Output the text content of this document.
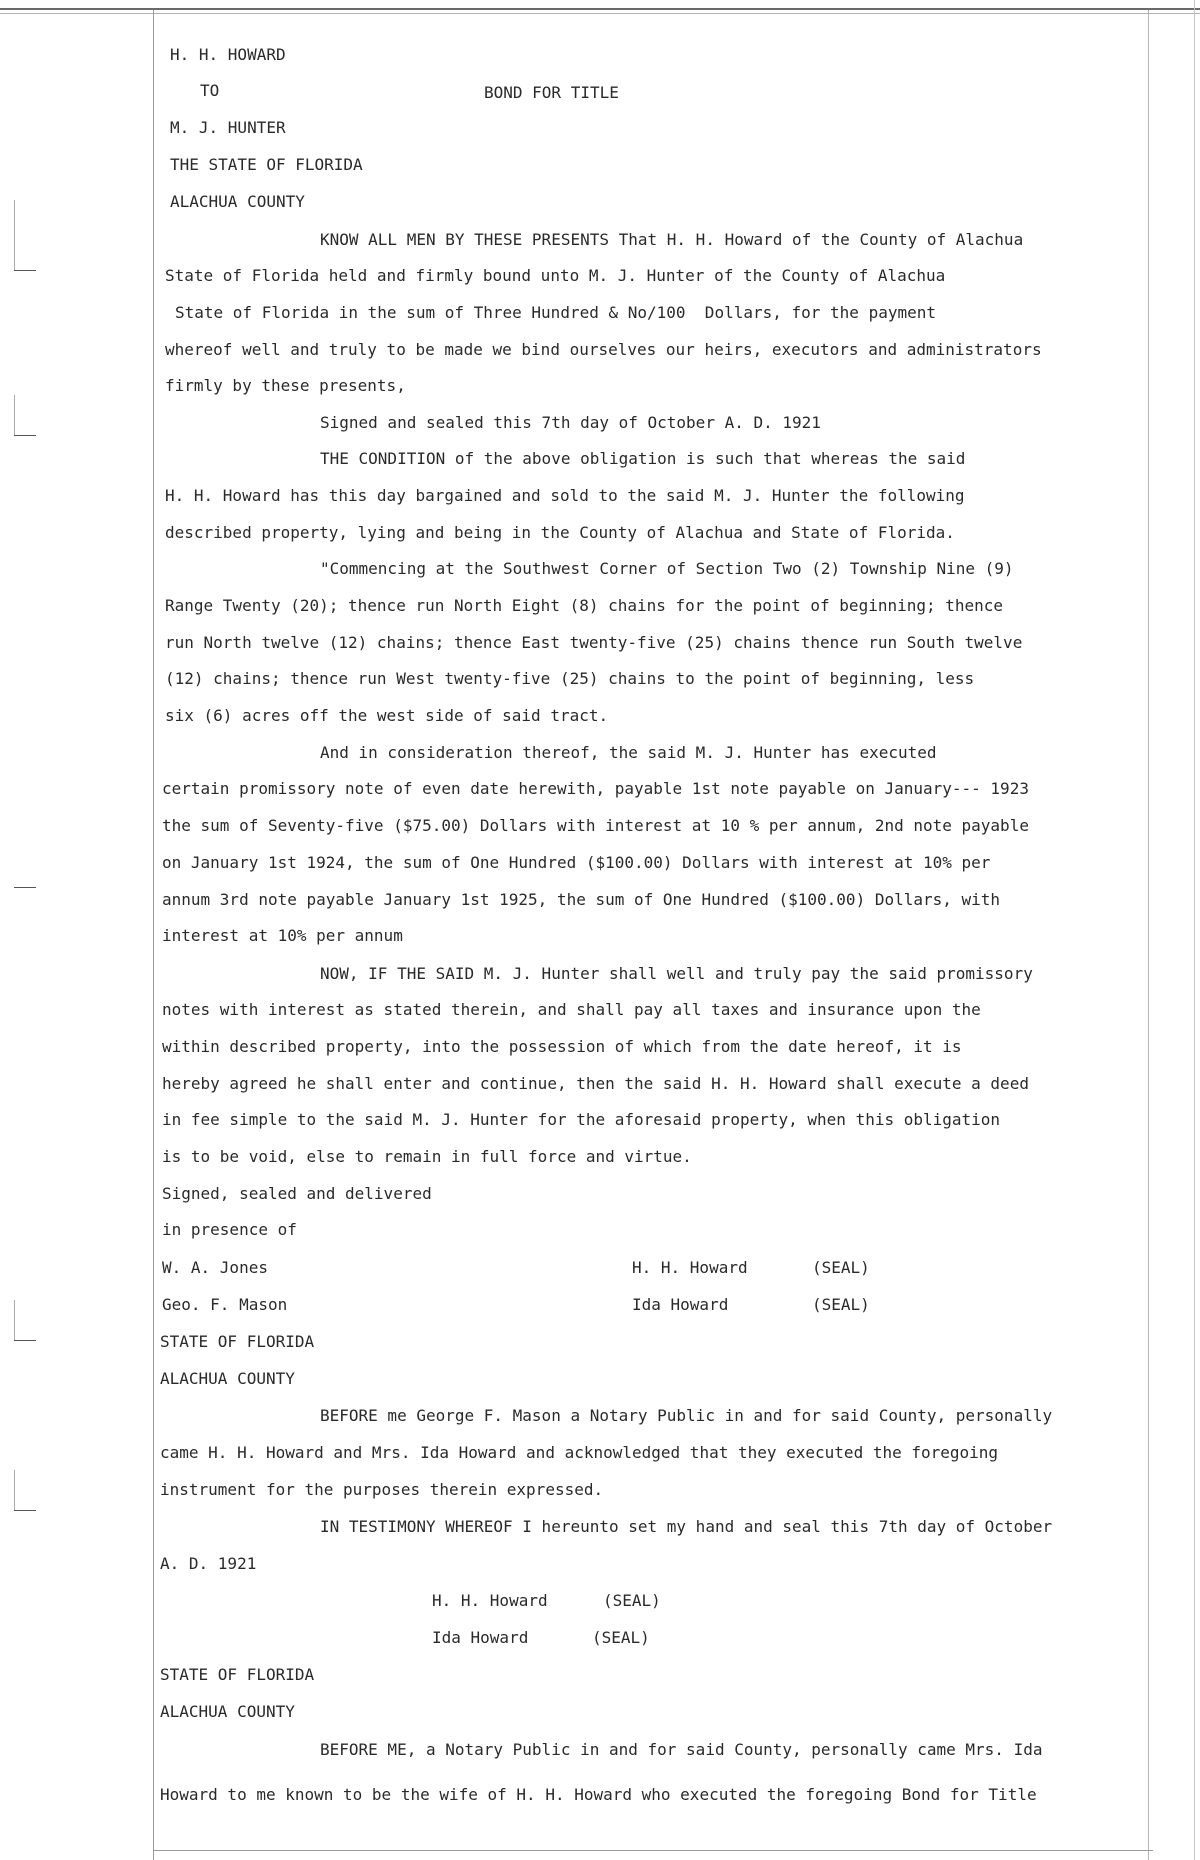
H. H. HOWARD

TO	BOND FOR TITLE

M. J. HUNTER

THE STATE OF FLORIDA

ALACHUA COUNTY

KNOW ALL MEN BY THESE PRESENTS That H. H. Howard of the County of Alachua

State of Florida held and firmly bound unto M. J. Hunter of the County of Alachua

State of Florida in the sum of Three Hundred & No/100  Dollars, for the payment

whereof well and truly to be made we bind ourselves our heirs, executors and administrators

firmly by these presents,

Signed and sealed this 7th day of October A. D. 1921

THE CONDITION of the above obligation is such that whereas the said

H. H. Howard has this day bargained and sold to the said M. J. Hunter the following

described property, lying and being in the County of Alachua and State of Florida.

"Commencing at the Southwest Corner of Section Two (2) Township Nine (9)

Range Twenty (20); thence run North Eight (8) chains for the point of beginning; thence

run North twelve (12) chains; thence East twenty-five (25) chains thence run South twelve

(12) chains; thence run West twenty-five (25) chains to the point of beginning, less

six (6) acres off the west side of said tract.

And in consideration thereof, the said M. J. Hunter has executed

certain promissory note of even date herewith, payable 1st note payable on January--- 1923

the sum of Seventy-five ($75.00) Dollars with interest at 10 % per annum, 2nd note payable

on January 1st 1924, the sum of One Hundred ($100.00) Dollars with interest at 10% per

annum 3rd note payable January 1st 1925, the sum of One Hundred ($100.00) Dollars, with

interest at 10% per annum

NOW, IF THE SAID M. J. Hunter shall well and truly pay the said promissory

notes with interest as stated therein, and shall pay all taxes and insurance upon the

within described property, into the possession of which from the date hereof, it is

hereby agreed he shall enter and continue, then the said H. H. Howard shall execute a deed

in fee simple to the said M. J. Hunter for the aforesaid property, when this obligation

is to be void, else to remain in full force and virtue.

Signed, sealed and delivered

in presence of

W. A. Jones	H. H. Howard	(SEAL)

Geo. F. Mason	Ida Howard	(SEAL)

STATE OF FLORIDA

ALACHUA COUNTY

BEFORE me George F. Mason a Notary Public in and for said County, personally

came H. H. Howard and Mrs. Ida Howard and acknowledged that they executed the foregoing

instrument for the purposes therein expressed.

IN TESTIMONY WHEREOF I hereunto set my hand and seal this 7th day of October

A. D. 1921

H. H. Howard	(SEAL)

Ida Howard	(SEAL)

STATE OF FLORIDA

ALACHUA COUNTY

BEFORE ME, a Notary Public in and for said County, personally came Mrs. Ida

Howard to me known to be the wife of H. H. Howard who executed the foregoing Bond for Title
